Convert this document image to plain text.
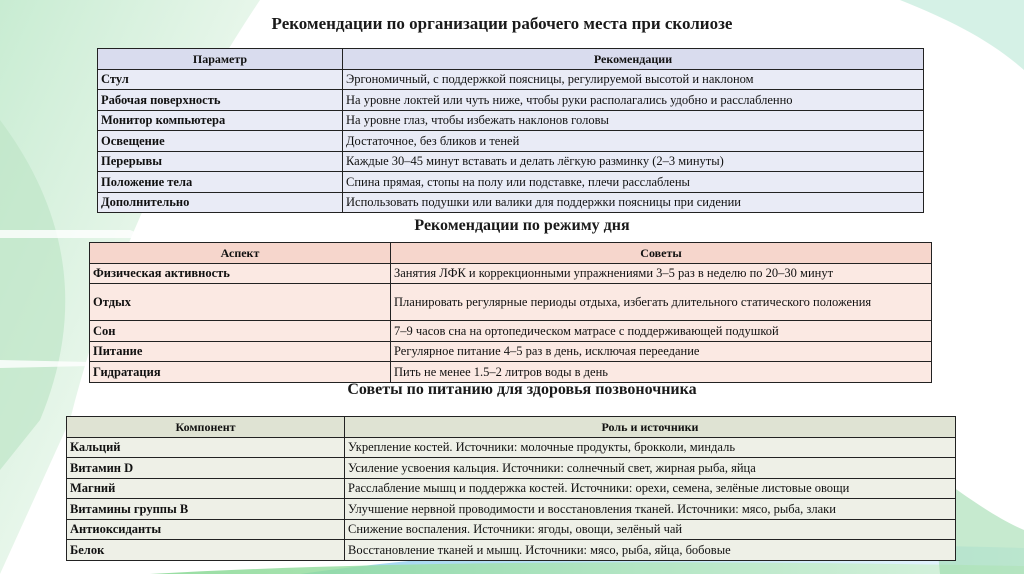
Рекомендации по организации рабочего места при сколиозе
Параметр	Рекомендации
Стул	Эргономичный, с поддержкой поясницы, регулируемой высотой и наклоном
Рабочая поверхность	На уровне локтей или чуть ниже, чтобы руки располагались удобно и расслабленно
Монитор компьютера	На уровне глаз, чтобы избежать наклонов головы
Освещение	Достаточное, без бликов и теней
Перерывы	Каждые 30–45 минут вставать и делать лёгкую разминку (2–3 минуты)
Положение тела	Спина прямая, стопы на полу или подставке, плечи расслаблены
Дополнительно	Использовать подушки или валики для поддержки поясницы при сидении
Рекомендации по режиму дня
Аспект	Советы
Физическая активность	Занятия ЛФК и коррекционными упражнениями 3–5 раз в неделю по 20–30 минут
Отдых	Планировать регулярные периоды отдыха, избегать длительного статического положения
Сон	7–9 часов сна на ортопедическом матрасе с поддерживающей подушкой
Питание	Регулярное питание 4–5 раз в день, исключая переедание
Гидратация	Пить не менее 1.5–2 литров воды в день
Советы по питанию для здоровья позвоночника
Компонент	Роль и источники
Кальций	Укрепление костей. Источники: молочные продукты, брокколи, миндаль
Витамин D	Усиление усвоения кальция. Источники: солнечный свет, жирная рыба, яйца
Магний	Расслабление мышц и поддержка костей. Источники: орехи, семена, зелёные листовые овощи
Витамины группы B	Улучшение нервной проводимости и восстановления тканей. Источники: мясо, рыба, злаки
Антиоксиданты	Снижение воспаления. Источники: ягоды, овощи, зелёный чай
Белок	Восстановление тканей и мышц. Источники: мясо, рыба, яйца, бобовые
